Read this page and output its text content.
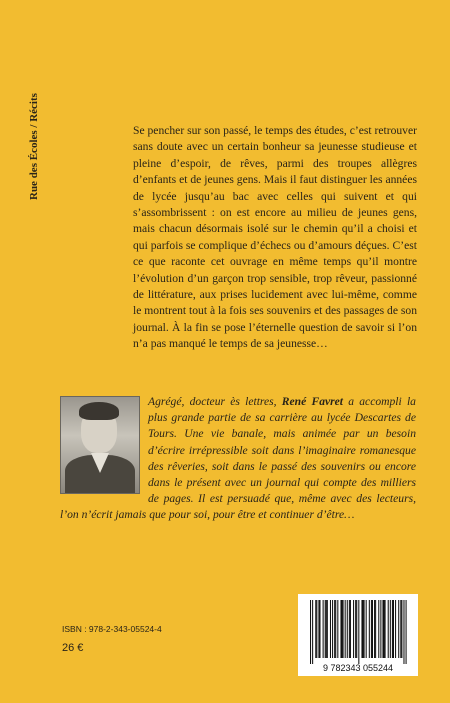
Rue des Écoles / Récits	Se pencher sur son passé, le temps des études, c’est retrouver sans doute avec un certain bonheur sa jeunesse studieuse et pleine d’espoir, de rêves, parmi des troupes allègres d’enfants et de jeunes gens. Mais il faut distinguer les années de lycée jusqu’au bac avec celles qui suivent et qui s’assombrissent : on est encore au milieu de jeunes gens, mais chacun désormais isolé sur le chemin qu’il a choisi et qui parfois se complique d’échecs ou d’amours déçues. C’est ce que raconte cet ouvrage en même temps qu’il montre l’évolution d’un garçon trop sensible, trop rêveur, passionné de littérature, aux prises lucidement avec lui-même, comme le montrent tout à la fois ses souvenirs et des passages de son journal. À la fin se pose l’éternelle question de savoir si l’on n’a pas manqué le temps de sa jeunesse…

Agrégé, docteur ès lettres, René Favret a accompli la plus grande partie de sa carrière au lycée Descartes de Tours. Une vie banale, mais animée par un besoin d’écrire irrépressible soit dans l’imaginaire romanesque des rêveries, soit dans le passé des souvenirs ou encore dans le présent avec un journal qui compte des milliers de pages. Il est persuadé que, même avec des lecteurs, l’on n’écrit jamais que pour soi, pour être et continuer d’être…

ISBN : 978-2-343-05524-4

26 €

9 782343 055244
